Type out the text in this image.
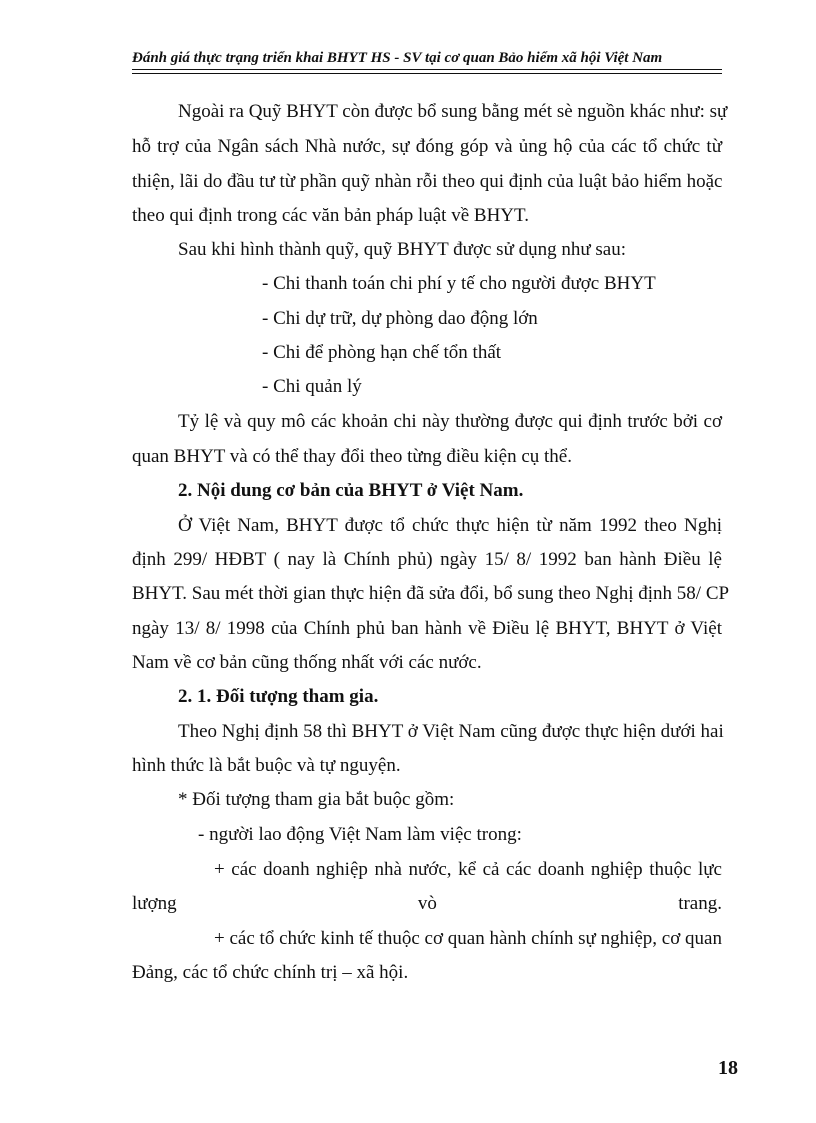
Đánh giá thực trạng triển khai BHYT HS - SV tại cơ quan Bảo hiểm xã hội Việt Nam
Ngoài ra Quỹ BHYT còn được bổ sung bằng mét sè nguồn khác như: sự
hỗ trợ của Ngân sách Nhà nước, sự đóng góp và ủng hộ của các tổ chức từ
thiện, lãi do đầu tư từ phần quỹ nhàn rỗi theo qui định của luật bảo hiểm hoặc
theo qui định trong các văn bản pháp luật về BHYT.
Sau khi hình thành quỹ, quỹ BHYT được sử dụng như sau:
- Chi thanh toán chi phí y tế cho người được BHYT
- Chi dự trữ, dự phòng dao động lớn
- Chi để phòng hạn chế tổn thất
- Chi quản lý
Tỷ lệ và quy mô các khoản chi này thường được qui định trước bởi cơ
quan BHYT và có thể thay đổi theo từng điều kiện cụ thể.
2. Nội dung cơ bản của BHYT ở Việt Nam.
Ở Việt Nam, BHYT được tổ chức thực hiện từ năm 1992 theo Nghị
định 299/ HĐBT ( nay là Chính phủ) ngày 15/ 8/ 1992 ban hành Điều lệ
BHYT. Sau mét thời gian thực hiện đã sửa đổi, bổ sung theo Nghị định 58/ CP
ngày 13/ 8/ 1998 của Chính phủ ban hành về Điều lệ BHYT, BHYT ở Việt
Nam về cơ bản cũng thống nhất với các nước.
2. 1. Đối tượng tham gia.
Theo Nghị định 58 thì BHYT ở Việt Nam cũng được thực hiện dưới hai
hình thức là bắt buộc và tự nguyện.
* Đối tượng tham gia bắt buộc gồm:
- người lao động Việt Nam làm việc trong:
+ các doanh nghiệp nhà nước, kể cả các doanh nghiệp thuộc lực
lượng vò trang.
+ các tổ chức kinh tế thuộc cơ quan hành chính sự nghiệp, cơ quan
Đảng, các tổ chức chính trị – xã hội.
18
